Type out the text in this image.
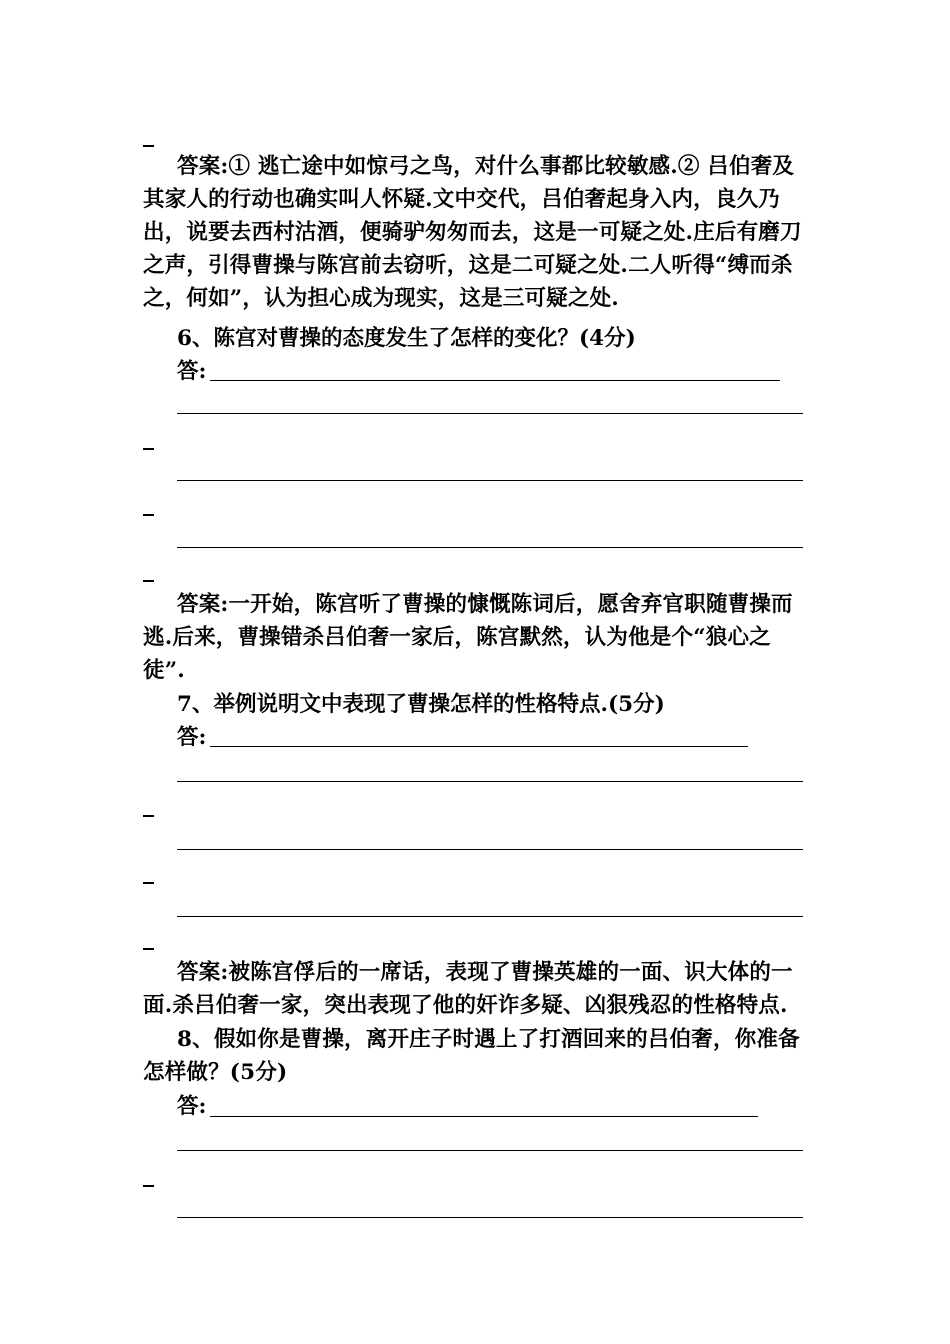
答案:① 逃亡途中如惊弓之鸟，对什么事都比较敏感.② 吕伯奢及其家人的行动也确实叫人怀疑.文中交代，吕伯奢起身入内，良久乃出，说要去西村沽酒，便骑驴匆匆而去，这是一可疑之处.庄后有磨刀之声，引得曹操与陈宫前去窃听，这是二可疑之处.二人听得“缚而杀之，何如”，认为担心成为现实，这是三可疑之处.

6、陈宫对曹操的态度发生了怎样的变化？(4分)
答:

答案:一开始，陈宫听了曹操的慷慨陈词后，愿舍弃官职随曹操而逃.后来，曹操错杀吕伯奢一家后，陈宫默然，认为他是个“狼心之徒”.

7、举例说明文中表现了曹操怎样的性格特点.(5分)
答:

答案:被陈宫俘后的一席话，表现了曹操英雄的一面、识大体的一面.杀吕伯奢一家，突出表现了他的奸诈多疑、凶狠残忍的性格特点.

8、假如你是曹操，离开庄子时遇上了打酒回来的吕伯奢，你准备怎样做？(5分)

答:
